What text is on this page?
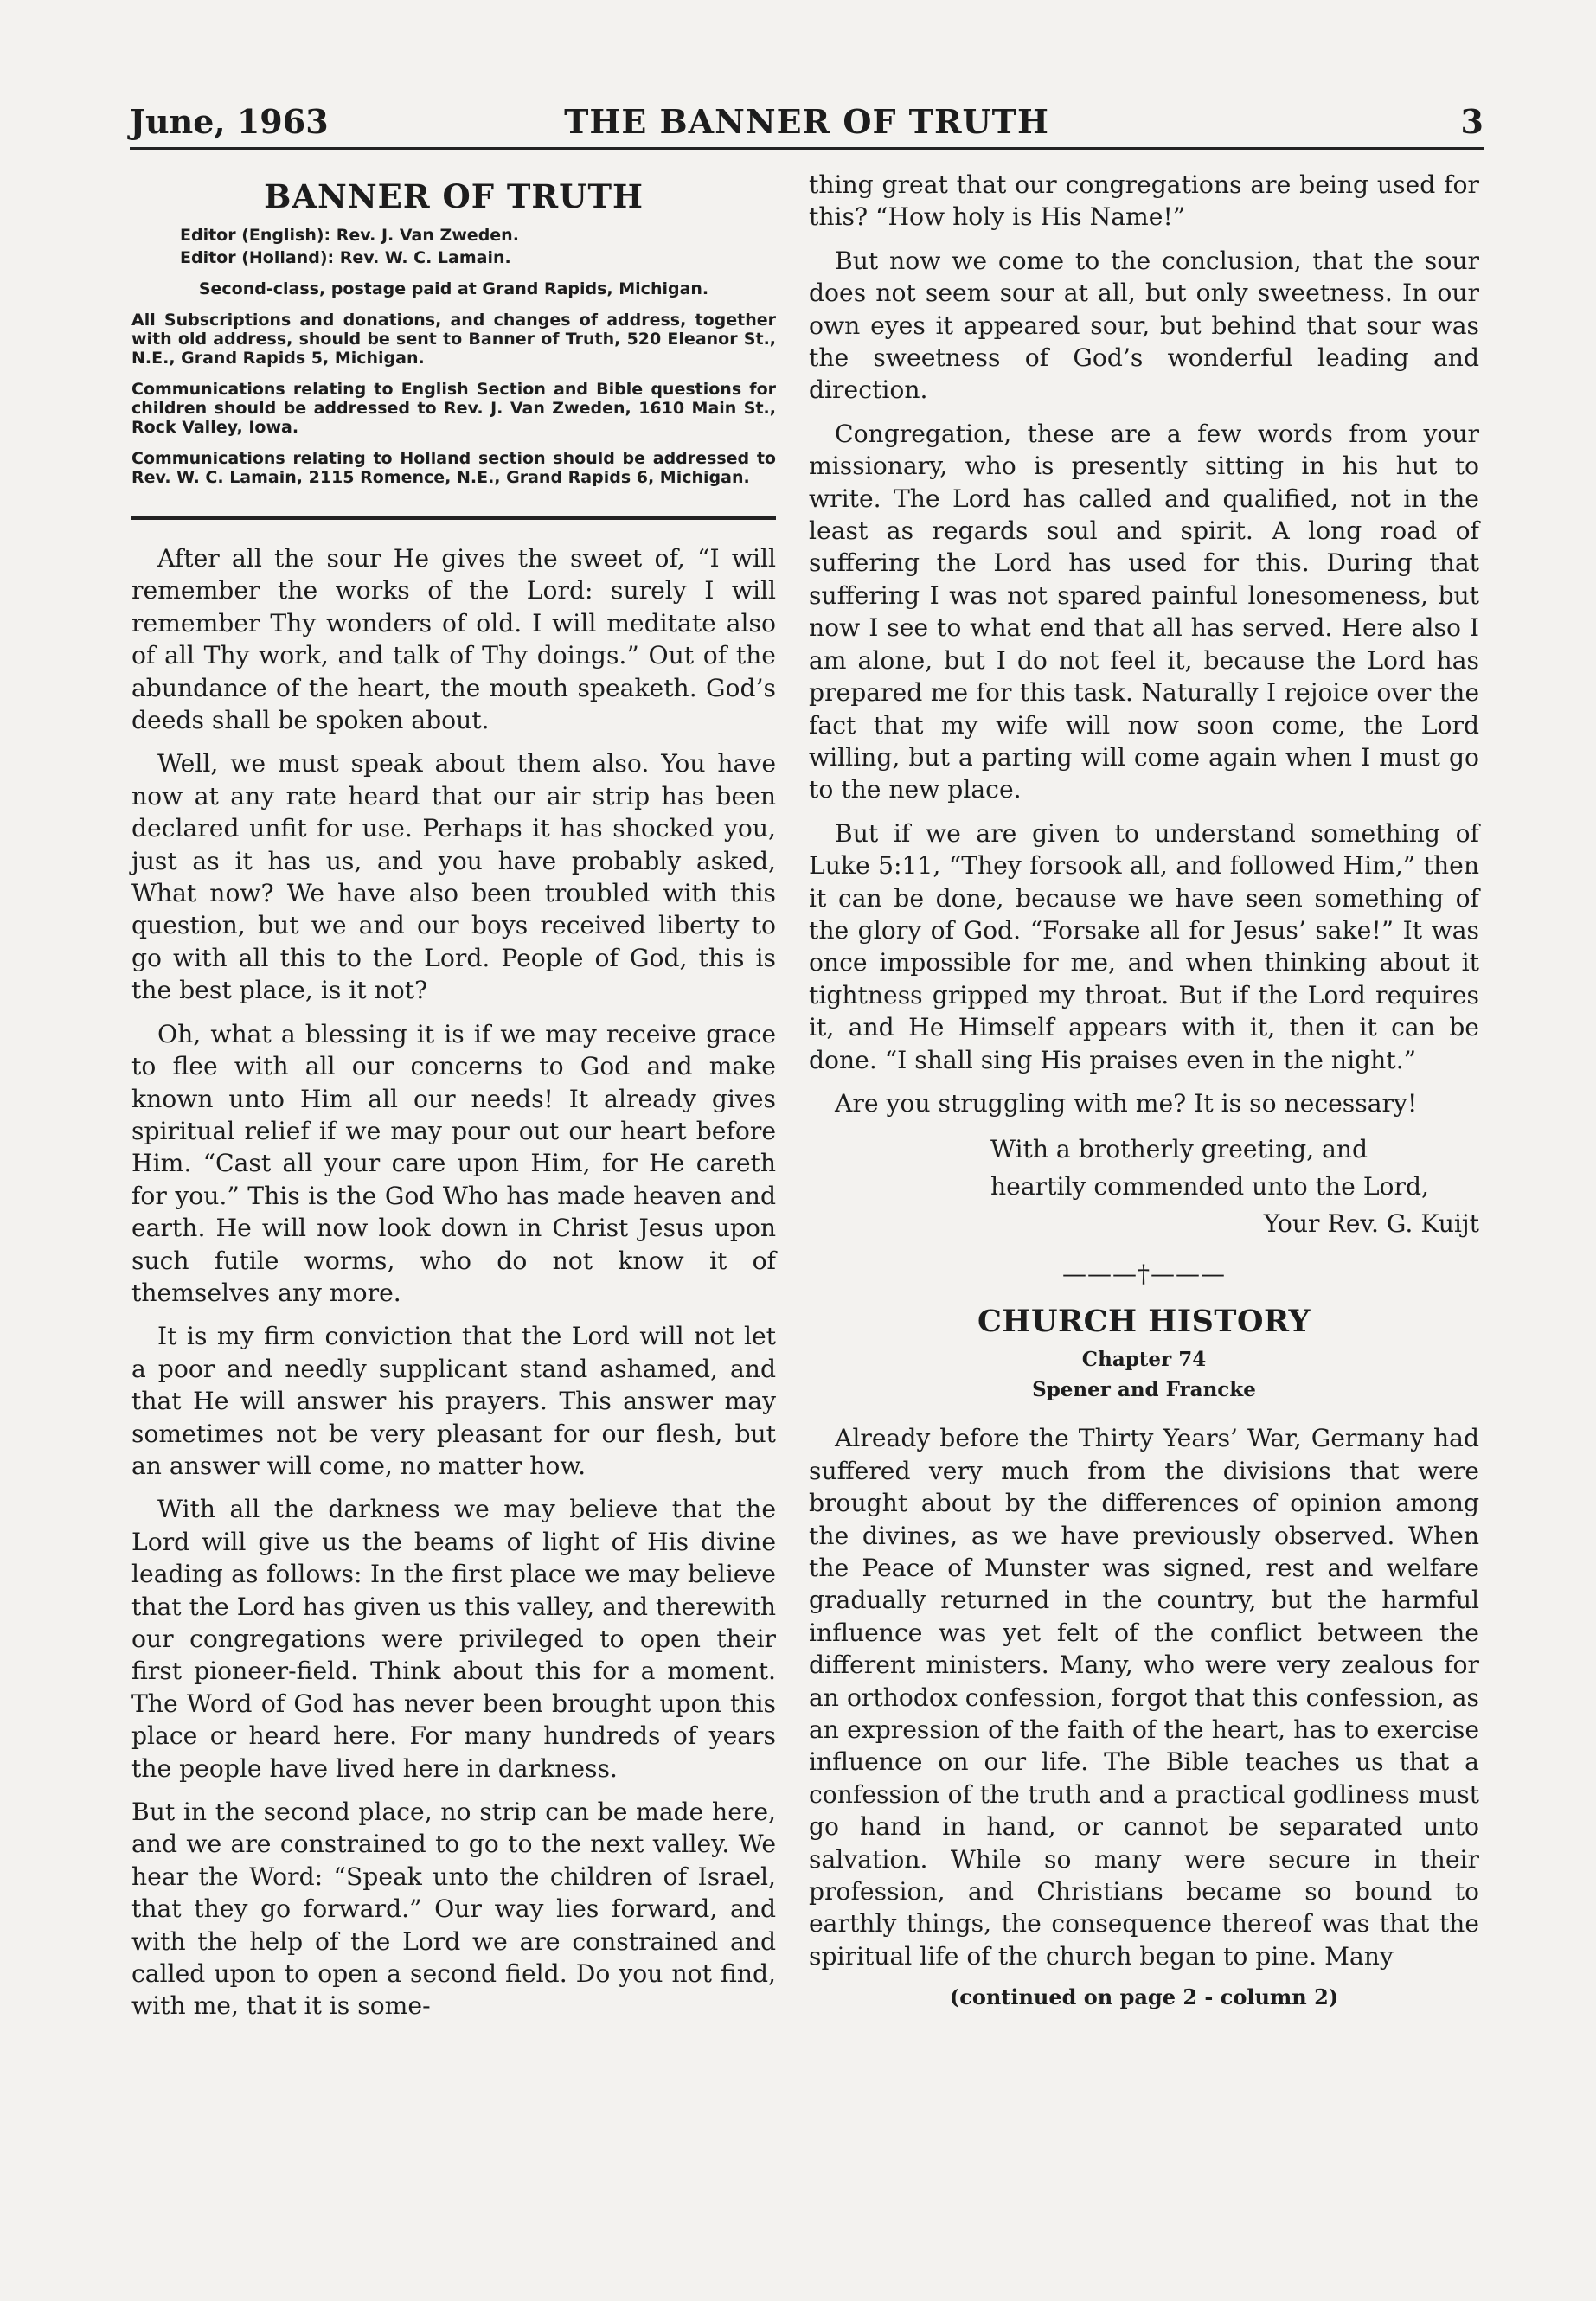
June, 1963	THE BANNER OF TRUTH	3
BANNER OF TRUTH
Editor (English): Rev. J. Van Zweden.
Editor (Holland): Rev. W. C. Lamain.
Second-class, postage paid at Grand Rapids, Michigan.
All Subscriptions and donations, and changes of address, together with old address, should be sent to Banner of Truth, 520 Eleanor St., N.E., Grand Rapids 5, Michigan.
Communications relating to English Section and Bible questions for children should be addressed to Rev. J. Van Zweden, 1610 Main St., Rock Valley, Iowa.
Communications relating to Holland section should be addressed to Rev. W. C. Lamain, 2115 Romence, N.E., Grand Rapids 6, Michigan.

After all the sour He gives the sweet of, “I will remember the works of the Lord: surely I will remember Thy wonders of old. I will meditate also of all Thy work, and talk of Thy doings.” Out of the abundance of the heart, the mouth speaketh. God’s deeds shall be spoken about.

Well, we must speak about them also. You have now at any rate heard that our air strip has been declared unfit for use. Perhaps it has shocked you, just as it has us, and you have probably asked, What now? We have also been troubled with this question, but we and our boys received liberty to go with all this to the Lord. People of God, this is the best place, is it not?

Oh, what a blessing it is if we may receive grace to flee with all our concerns to God and make known unto Him all our needs! It already gives spiritual relief if we may pour out our heart before Him. “Cast all your care upon Him, for He careth for you.” This is the God Who has made heaven and earth. He will now look down in Christ Jesus upon such futile worms, who do not know it of themselves any more.

It is my firm conviction that the Lord will not let a poor and needly supplicant stand ashamed, and that He will answer his prayers. This answer may sometimes not be very pleasant for our flesh, but an answer will come, no matter how.

With all the darkness we may believe that the Lord will give us the beams of light of His divine leading as follows: In the first place we may believe that the Lord has given us this valley, and therewith our congregations were privileged to open their first pioneer-field. Think about this for a moment. The Word of God has never been brought upon this place or heard here. For many hundreds of years the people have lived here in darkness.

But in the second place, no strip can be made here, and we are constrained to go to the next valley. We hear the Word: “Speak unto the children of Israel, that they go forward.” Our way lies forward, and with the help of the Lord we are constrained and called upon to open a second field. Do you not find, with me, that it is some-

thing great that our congregations are being used for this? “How holy is His Name!”

But now we come to the conclusion, that the sour does not seem sour at all, but only sweetness. In our own eyes it appeared sour, but behind that sour was the sweetness of God’s wonderful leading and direction.

Congregation, these are a few words from your missionary, who is presently sitting in his hut to write. The Lord has called and qualified, not in the least as regards soul and spirit. A long road of suffering the Lord has used for this. During that suffering I was not spared painful lonesomeness, but now I see to what end that all has served. Here also I am alone, but I do not feel it, because the Lord has prepared me for this task. Naturally I rejoice over the fact that my wife will now soon come, the Lord willing, but a parting will come again when I must go to the new place.

But if we are given to understand something of Luke 5:11, “They forsook all, and followed Him,” then it can be done, because we have seen something of the glory of God. “Forsake all for Jesus’ sake!” It was once impossible for me, and when thinking about it tightness gripped my throat. But if the Lord requires it, and He Himself appears with it, then it can be done. “I shall sing His praises even in the night.”

Are you struggling with me? It is so necessary!

With a brotherly greeting, and
heartily commended unto the Lord,
Your Rev. G. Kuijt
———†———
CHURCH HISTORY
Chapter 74
Spener and Francke

Already before the Thirty Years’ War, Germany had suffered very much from the divisions that were brought about by the differences of opinion among the divines, as we have previously observed. When the Peace of Munster was signed, rest and welfare gradually returned in the country, but the harmful influence was yet felt of the conflict between the different ministers. Many, who were very zealous for an orthodox confession, forgot that this confession, as an expression of the faith of the heart, has to exercise influence on our life. The Bible teaches us that a confession of the truth and a practical godliness must go hand in hand, or cannot be separated unto salvation. While so many were secure in their profession, and Christians became so bound to earthly things, the consequence thereof was that the spiritual life of the church began to pine. Many

(continued on page 2 - column 2)
